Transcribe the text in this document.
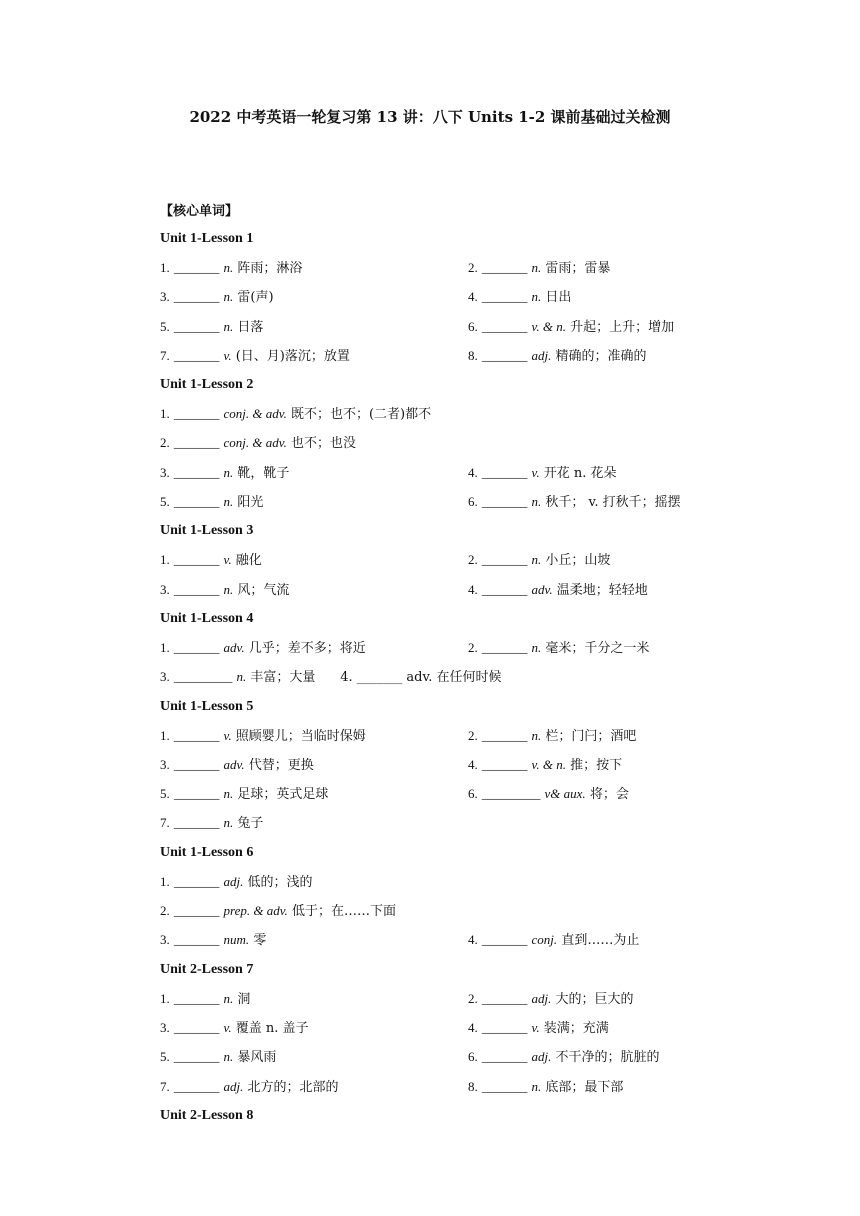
2022 中考英语一轮复习第 13 讲：八下 Units 1-2 课前基础过关检测
【核心单词】
Unit 1-Lesson 1
1. _______ n. 阵雨；淋浴	2. _______ n. 雷雨；雷暴
3. _______ n. 雷(声)	4. _______ n. 日出
5. _______ n. 日落	6. _______ v. & n. 升起；上升；增加
7. _______ v. (日、月)落沉；放置	8. _______ adj. 精确的；准确的
Unit 1-Lesson 2
1. _______ conj. & adv. 既不；也不；(二者)都不
2. _______ conj. & adv. 也不；也没
3. _______ n. 靴，靴子	4. _______ v. 开花 n. 花朵
5. _______ n. 阳光	6. _______ n. 秋千； v. 打秋千；摇摆
Unit 1-Lesson 3
1. _______ v. 融化	2. _______ n. 小丘；山坡
3. _______ n. 风；气流	4. _______ adv. 温柔地；轻轻地
Unit 1-Lesson 4
1. _______ adv. 几乎；差不多；将近	2. _______ n. 毫米；千分之一米
3. _________ n. 丰富；大量 4. _______ adv. 在任何时候
Unit 1-Lesson 5
1. _______ v. 照顾婴儿；当临时保姆	2. _______ n. 栏；门闩；酒吧
3. _______ adv. 代替；更换	4. _______ v. & n. 推；按下
5. _______ n. 足球；英式足球	6. _________ v& aux. 将；会
7. _______ n. 兔子
Unit 1-Lesson 6
1. _______ adj. 低的；浅的
2. _______ prep. & adv. 低于；在……下面
3. _______ num. 零	4. _______ conj. 直到……为止
Unit 2-Lesson 7
1. _______ n. 洞	2. _______ adj. 大的；巨大的
3. _______ v. 覆盖 n. 盖子	4. _______ v. 装满；充满
5. _______ n. 暴风雨	6. _______ adj. 不干净的；肮脏的
7. _______ adj. 北方的；北部的	8. _______ n. 底部；最下部
Unit 2-Lesson 8
